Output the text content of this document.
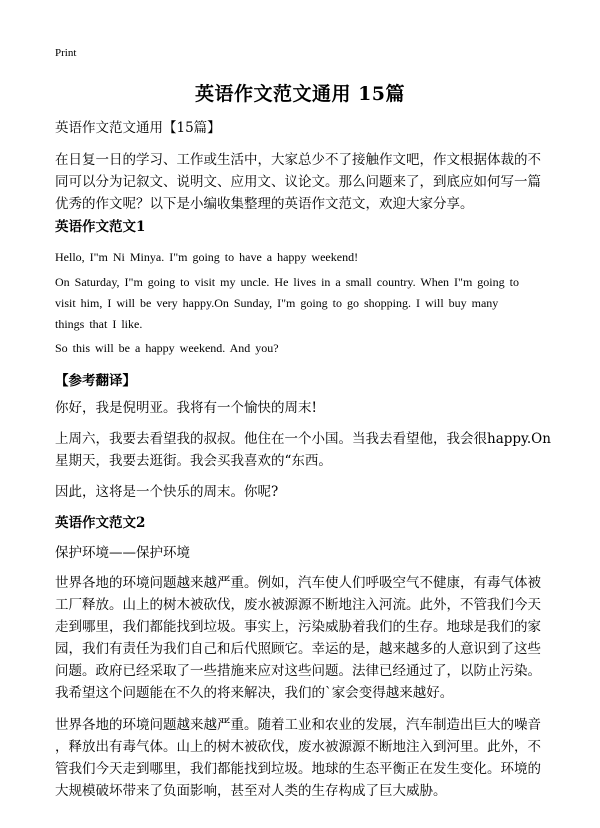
Print
英语作文范文通用 15篇
英语作文范文通用【15篇】
在日复一日的学习、工作或生活中，大家总少不了接触作文吧，作文根据体裁的不
同可以分为记叙文、说明文、应用文、议论文。那么问题来了，到底应如何写一篇
优秀的作文呢？以下是小编收集整理的英语作文范文，欢迎大家分享。
英语作文范文1
Hello, I"m Ni Minya. I"m going to have a happy weekend!
On Saturday, I"m going to visit my uncle. He lives in a small country. When I"m going to
visit him, I will be very happy.On Sunday, I"m going to go shopping. I will buy many
things that I like.
So this will be a happy weekend. And you?
【参考翻译】
你好，我是倪明亚。我将有一个愉快的周末!
上周六，我要去看望我的叔叔。他住在一个小国。当我去看望他，我会很happy.On
星期天，我要去逛街。我会买我喜欢的“东西。
因此，这将是一个快乐的周末。你呢?
英语作文范文2
保护环境——保护环境
世界各地的环境问题越来越严重。例如，汽车使人们呼吸空气不健康，有毒气体被
工厂释放。山上的树木被砍伐，废水被源源不断地注入河流。此外，不管我们今天
走到哪里，我们都能找到垃圾。事实上，污染威胁着我们的生存。地球是我们的家
园，我们有责任为我们自己和后代照顾它。幸运的是，越来越多的人意识到了这些
问题。政府已经采取了一些措施来应对这些问题。法律已经通过了，以防止污染。
我希望这个问题能在不久的将来解决，我们的`家会变得越来越好。
世界各地的环境问题越来越严重。随着工业和农业的发展，汽车制造出巨大的噪音
，释放出有毒气体。山上的树木被砍伐，废水被源源不断地注入到河里。此外，不
管我们今天走到哪里，我们都能找到垃圾。地球的生态平衡正在发生变化。环境的
大规模破坏带来了负面影响，甚至对人类的生存构成了巨大威胁。
